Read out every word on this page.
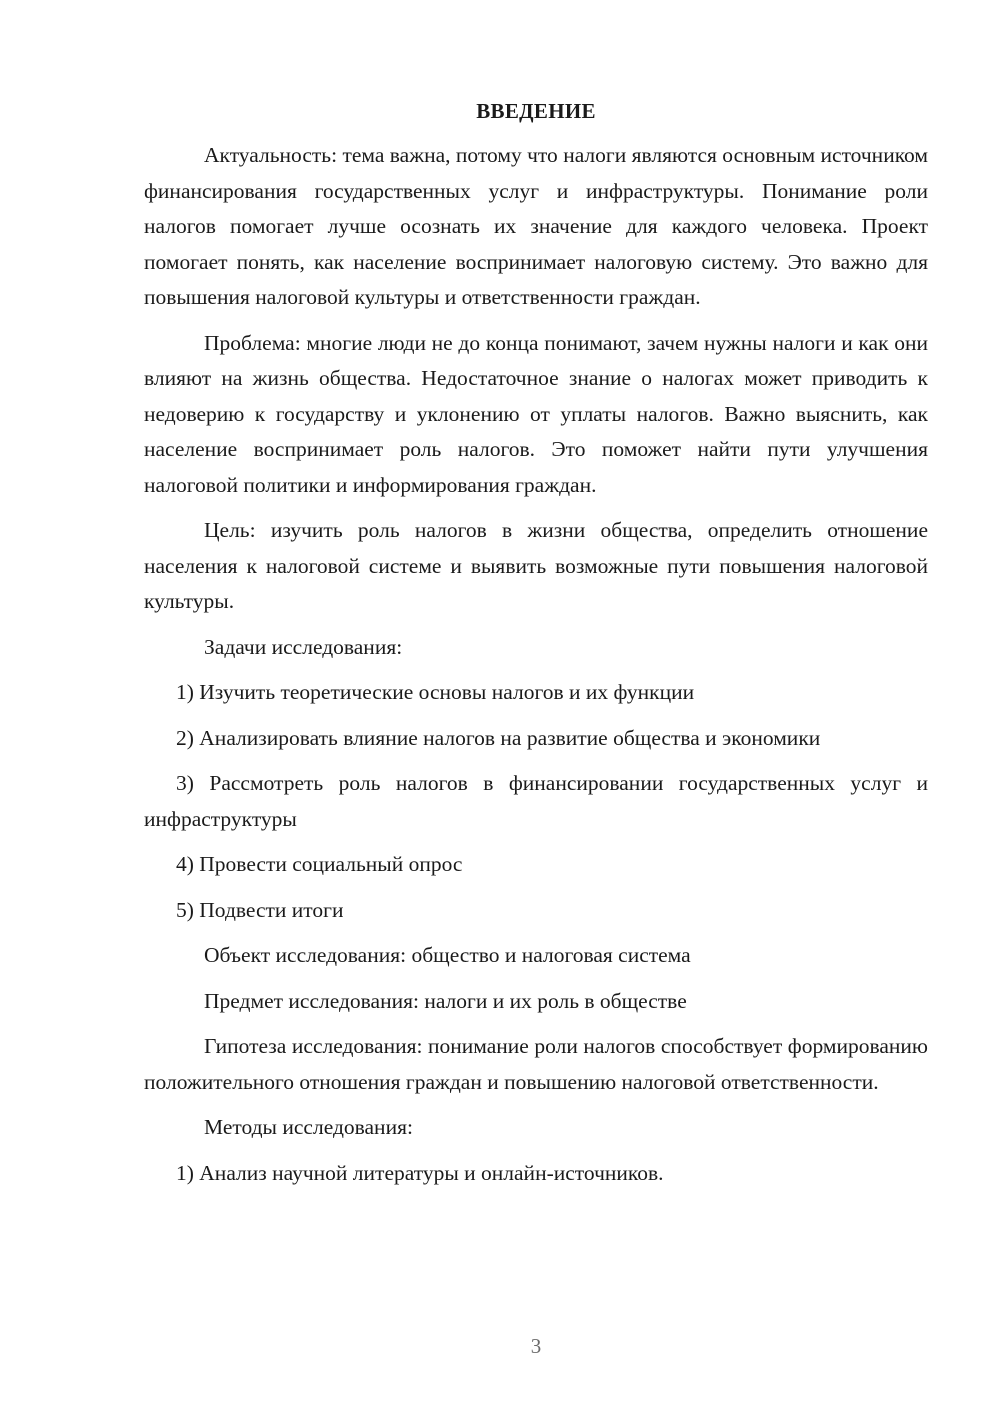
ВВЕДЕНИЕ

Актуальность: тема важна, потому что налоги являются основным источником финансирования государственных услуг и инфраструктуры. Понимание роли налогов помогает лучше осознать их значение для каждого человека. Проект помогает понять, как население воспринимает налоговую систему. Это важно для повышения налоговой культуры и ответственности граждан.

Проблема: многие люди не до конца понимают, зачем нужны налоги и как они влияют на жизнь общества. Недостаточное знание о налогах может приводить к недоверию к государству и уклонению от уплаты налогов. Важно выяснить, как население воспринимает роль налогов. Это поможет найти пути улучшения налоговой политики и информирования граждан.

Цель: изучить роль налогов в жизни общества, определить отношение населения к налоговой системе и выявить возможные пути повышения налоговой культуры.

Задачи исследования:

1) Изучить теоретические основы налогов и их функции

2) Анализировать влияние налогов на развитие общества и экономики

3) Рассмотреть роль налогов в финансировании государственных услуг и инфраструктуры

4) Провести социальный опрос

5) Подвести итоги

Объект исследования: общество и налоговая система

Предмет исследования: налоги и их роль в обществе

Гипотеза исследования: понимание роли налогов способствует формированию положительного отношения граждан и повышению налоговой ответственности.

Методы исследования:

1) Анализ научной литературы и онлайн-источников.

3
